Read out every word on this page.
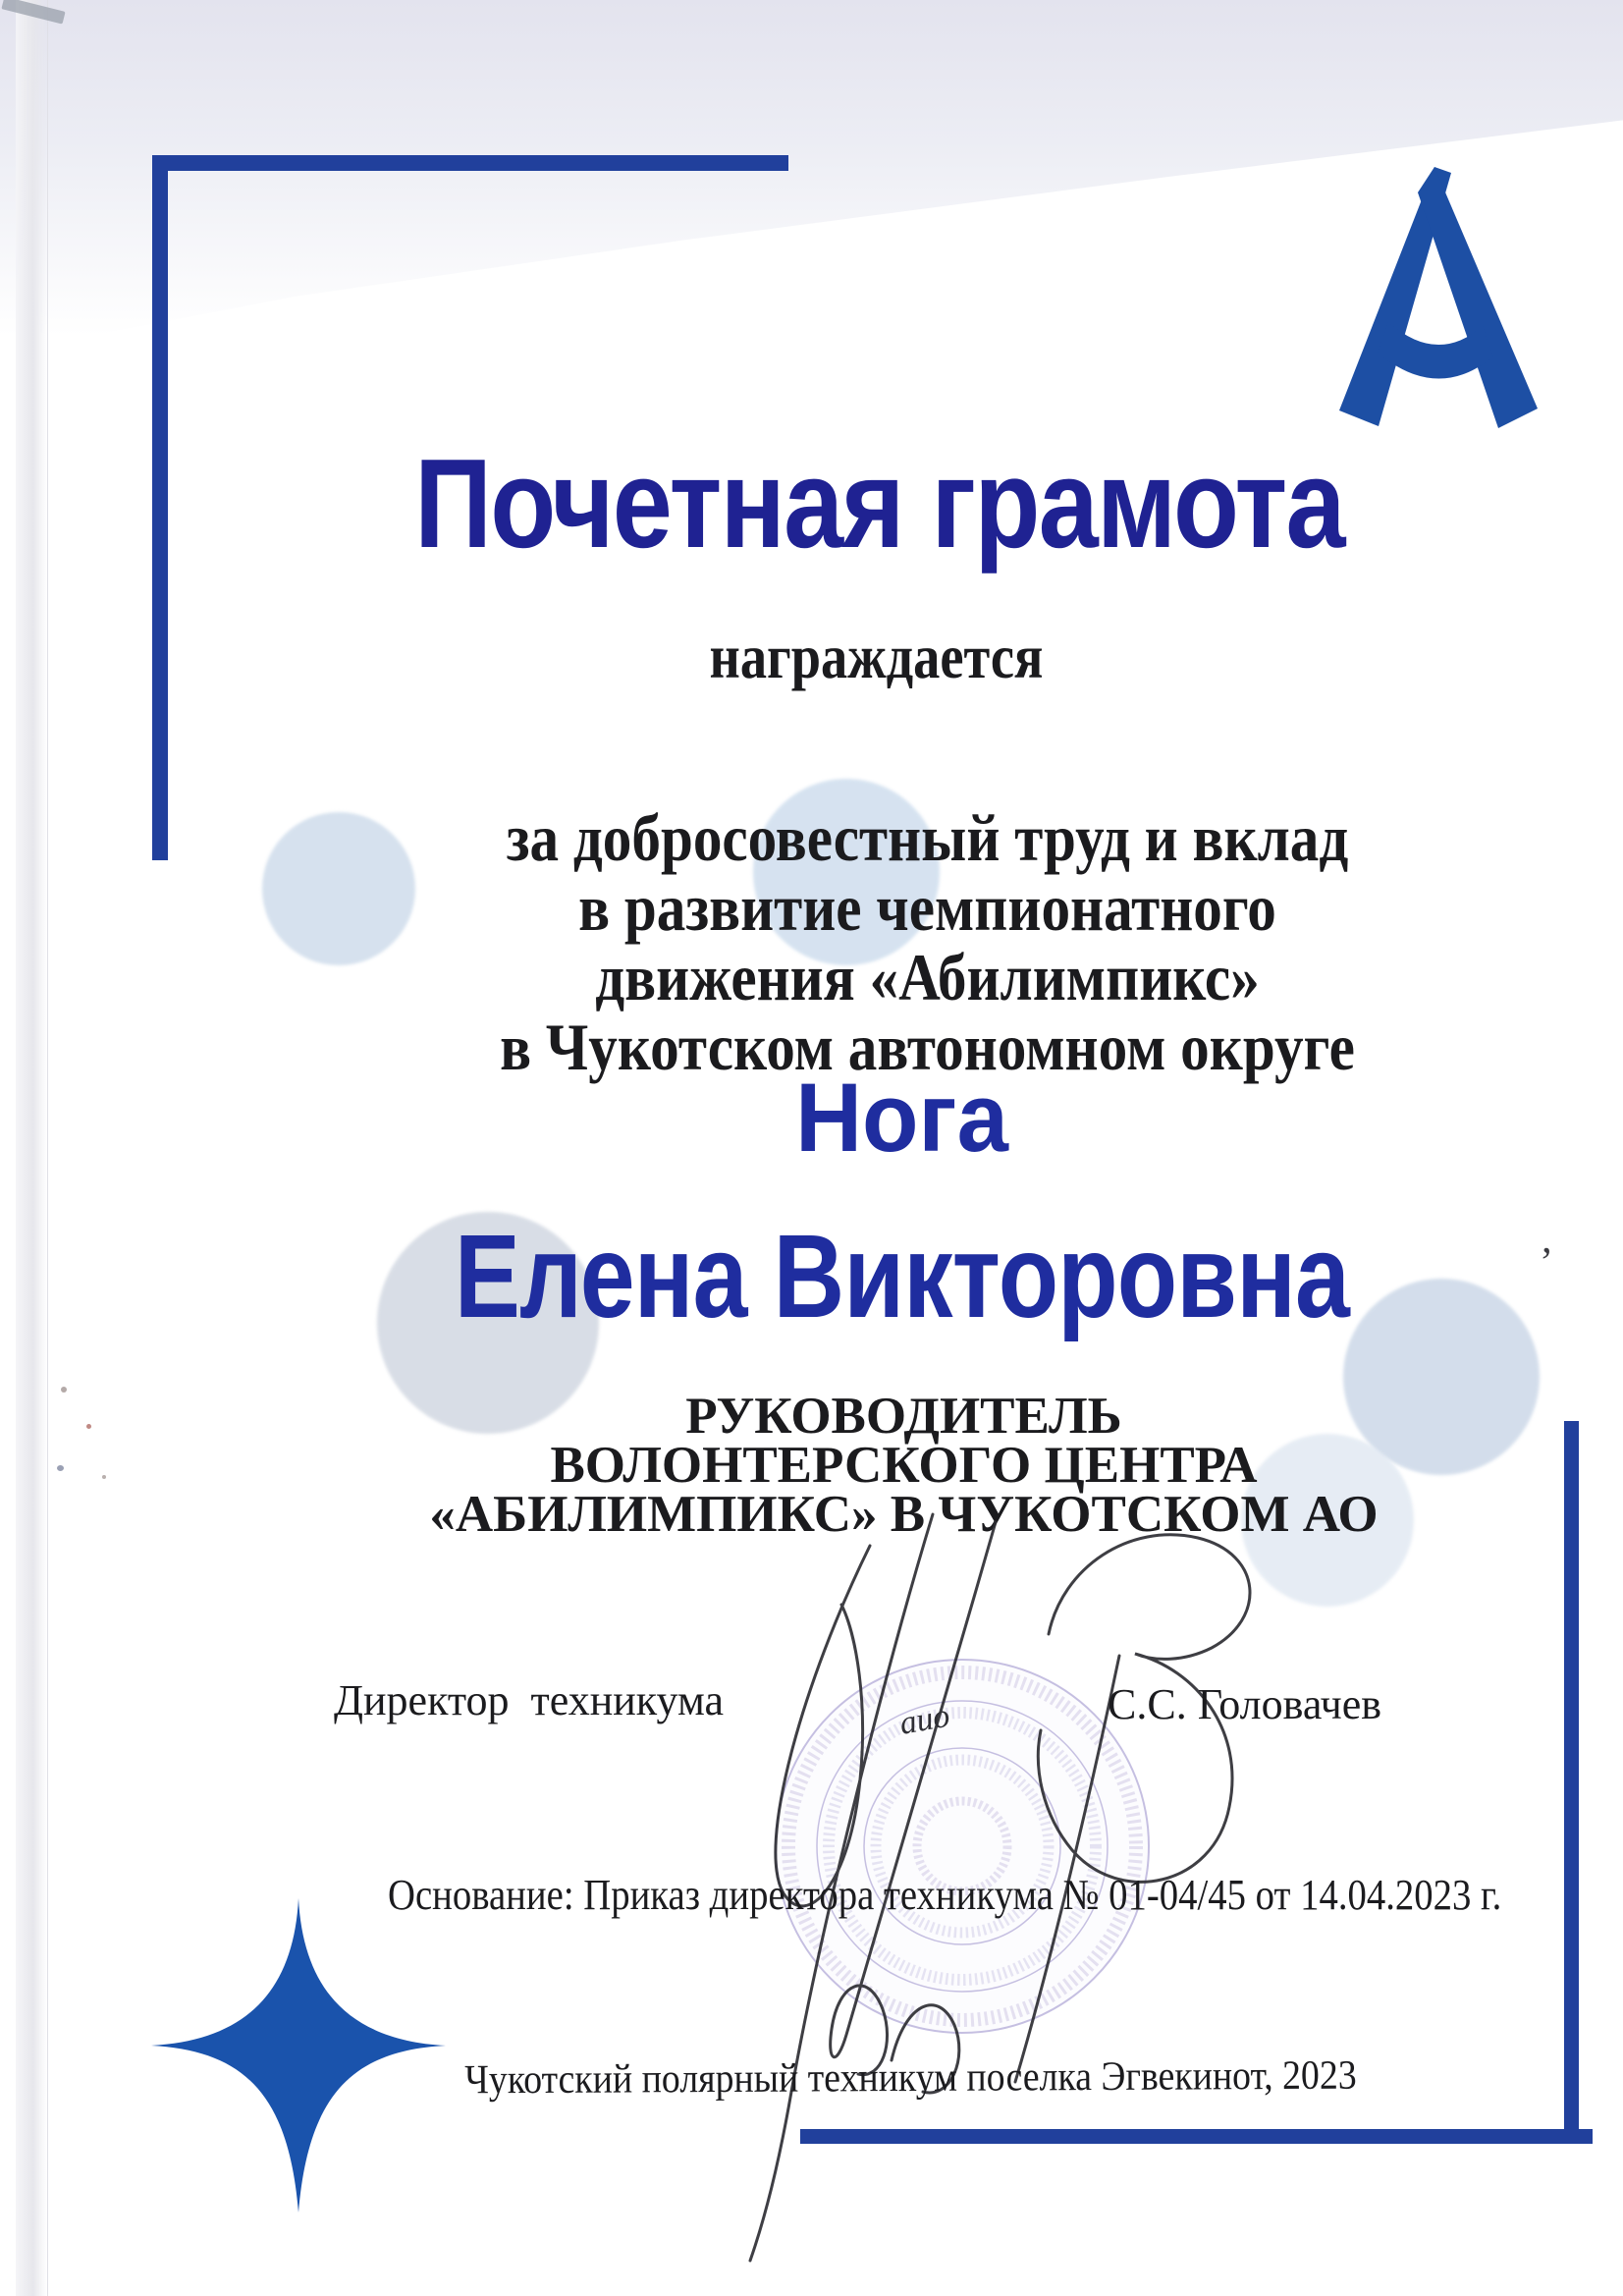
’
Почетная грамота
награждается
за добросовестный труд и вклад
в развитие чемпионатного
движения «Абилимпикс»
в Чукотском автономном округе
Нога
Елена Викторовна
РУКОВОДИТЕЛЬ
ВОЛОНТЕРСКОГО ЦЕНТРА
«АБИЛИМПИКС» В ЧУКОТСКОМ АО
аио
Директор  техникума	С.С. Головачев
Основание: Приказ директора техникума № 01-04/45 от 14.04.2023 г.
Чукотский полярный техникум поселка Эгвекинот, 2023
